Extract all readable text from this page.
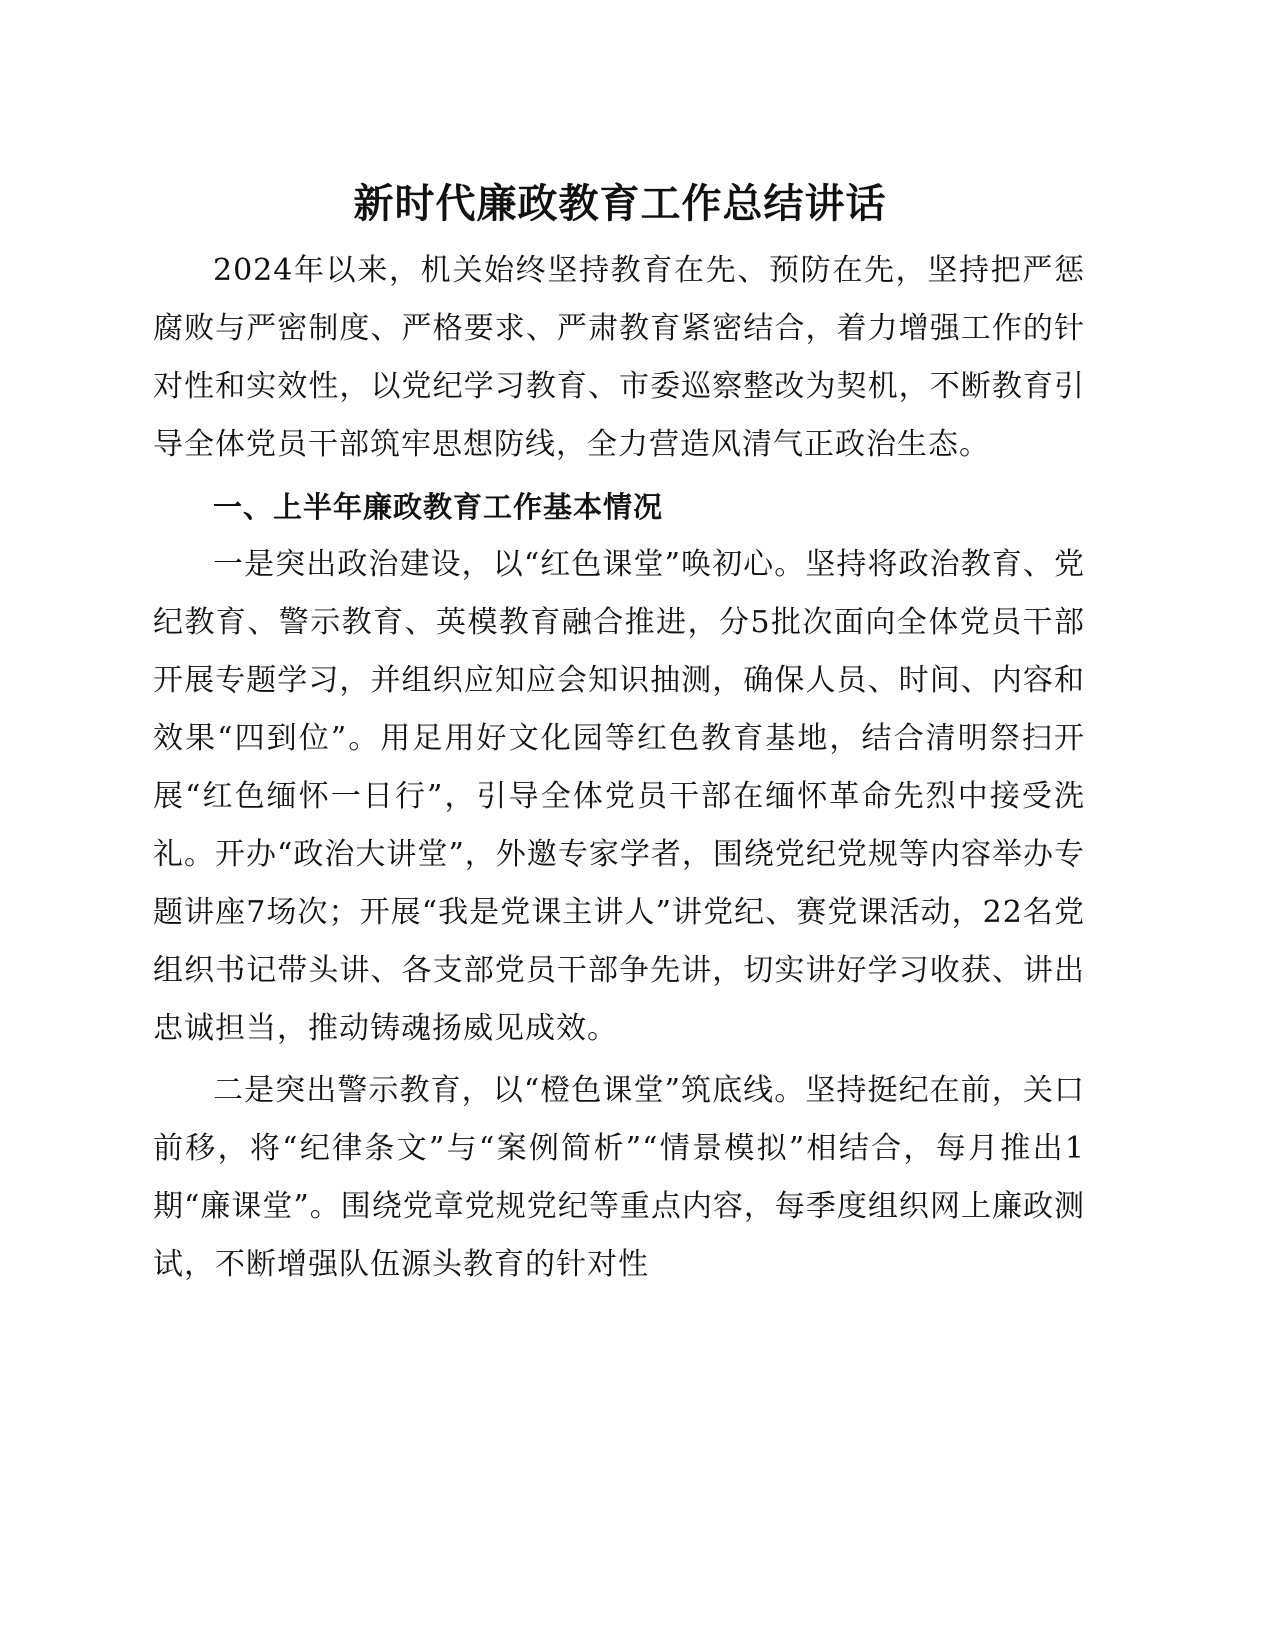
新时代廉政教育工作总结讲话

2024年以来，机关始终坚持教育在先、预防在先，坚持把严惩腐败与严密制度、严格要求、严肃教育紧密结合，着力增强工作的针对性和实效性，以党纪学习教育、市委巡察整改为契机，不断教育引导全体党员干部筑牢思想防线，全力营造风清气正政治生态。

一、上半年廉政教育工作基本情况

一是突出政治建设，以“红色课堂”唤初心。坚持将政治教育、党纪教育、警示教育、英模教育融合推进，分5批次面向全体党员干部开展专题学习，并组织应知应会知识抽测，确保人员、时间、内容和效果“四到位”。用足用好文化园等红色教育基地，结合清明祭扫开展“红色缅怀一日行”，引导全体党员干部在缅怀革命先烈中接受洗礼。开办“政治大讲堂”，外邀专家学者，围绕党纪党规等内容举办专题讲座7场次；开展“我是党课主讲人”讲党纪、赛党课活动，22名党组织书记带头讲、各支部党员干部争先讲，切实讲好学习收获、讲出忠诚担当，推动铸魂扬威见成效。

二是突出警示教育，以“橙色课堂”筑底线。坚持挺纪在前，关口前移，将“纪律条文”与“案例简析”“情景模拟”相结合，每月推出1期“廉课堂”。围绕党章党规党纪等重点内容，每季度组织网上廉政测试，不断增强队伍源头教育的针对性
